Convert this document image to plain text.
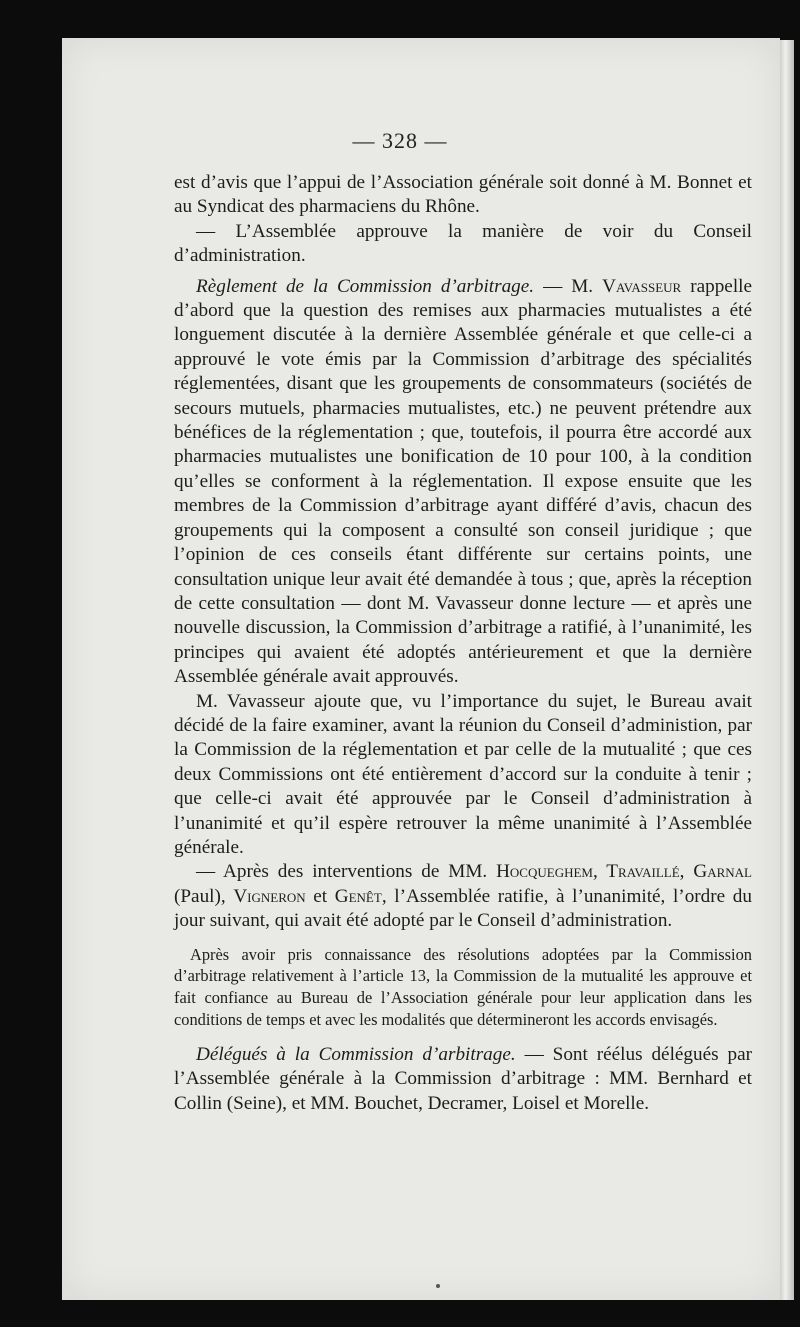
— 328 —

est d’avis que l’appui de l’Association générale soit donné à M. Bonnet et au Syndicat des pharmaciens du Rhône.

— L’Assemblée approuve la manière de voir du Conseil d’administration.

Règlement de la Commission d’arbitrage. — M. Vavasseur rappelle d’abord que la question des remises aux pharmacies mutualistes a été longuement discutée à la dernière Assemblée générale et que celle-ci a approuvé le vote émis par la Commission d’arbitrage des spécialités réglementées, disant que les groupements de consommateurs (sociétés de secours mutuels, pharmacies mutualistes, etc.) ne peuvent prétendre aux bénéfices de la réglementation ; que, toutefois, il pourra être accordé aux pharmacies mutualistes une bonification de 10 pour 100, à la condition qu’elles se conforment à la réglementation. Il expose ensuite que les membres de la Commission d’arbitrage ayant différé d’avis, chacun des groupements qui la composent a consulté son conseil juridique ; que l’opinion de ces conseils étant différente sur certains points, une consultation unique leur avait été demandée à tous ; que, après la réception de cette consultation — dont M. Vavasseur donne lecture — et après une nouvelle discussion, la Commission d’arbitrage a ratifié, à l’unanimité, les principes qui avaient été adoptés antérieurement et que la dernière Assemblée générale avait approuvés.

M. Vavasseur ajoute que, vu l’importance du sujet, le Bureau avait décidé de la faire examiner, avant la réunion du Conseil d’administion, par la Commission de la réglementation et par celle de la mutualité ; que ces deux Commissions ont été entièrement d’accord sur la conduite à tenir ; que celle-ci avait été approuvée par le Conseil d’administration à l’unanimité et qu’il espère retrouver la même unanimité à l’Assemblée générale.

— Après des interventions de MM. Hocqueghem, Travaillé, Garnal (Paul), Vigneron et Genêt, l’Assemblée ratifie, à l’unanimité, l’ordre du jour suivant, qui avait été adopté par le Conseil d’administration.

Après avoir pris connaissance des résolutions adoptées par la Commission d’arbitrage relativement à l’article 13, la Commission de la mutualité les approuve et fait confiance au Bureau de l’Association générale pour leur application dans les conditions de temps et avec les modalités que détermineront les accords envisagés.

Délégués à la Commission d’arbitrage. — Sont réélus délégués par l’Assemblée générale à la Commission d’arbitrage : MM. Bernhard et Collin (Seine), et MM. Bouchet, Decramer, Loisel et Morelle.
